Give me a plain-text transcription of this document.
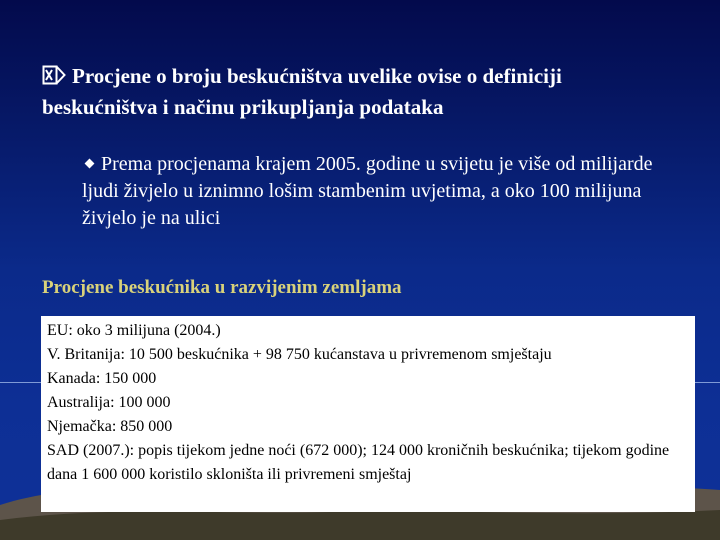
Procjene o broju beskućništva uvelike ovise o definiciji beskućništva i načinu prikupljanja podataka
Prema procjenama krajem 2005. godine u svijetu je više od milijarde ljudi živjelo u iznimno lošim stambenim uvjetima, a oko 100 milijuna živjelo je na ulici
Procjene beskućnika u razvijenim zemljama
EU: oko 3 milijuna (2004.)
V. Britanija: 10 500 beskućnika + 98 750 kućanstava u privremenom smještaju
Kanada: 150 000
Australija: 100 000
Njemačka: 850 000
SAD (2007.): popis tijekom jedne noći (672 000); 124 000 kroničnih beskućnika; tijekom godine dana 1 600 000 koristilo skloništa ili privremeni smještaj
